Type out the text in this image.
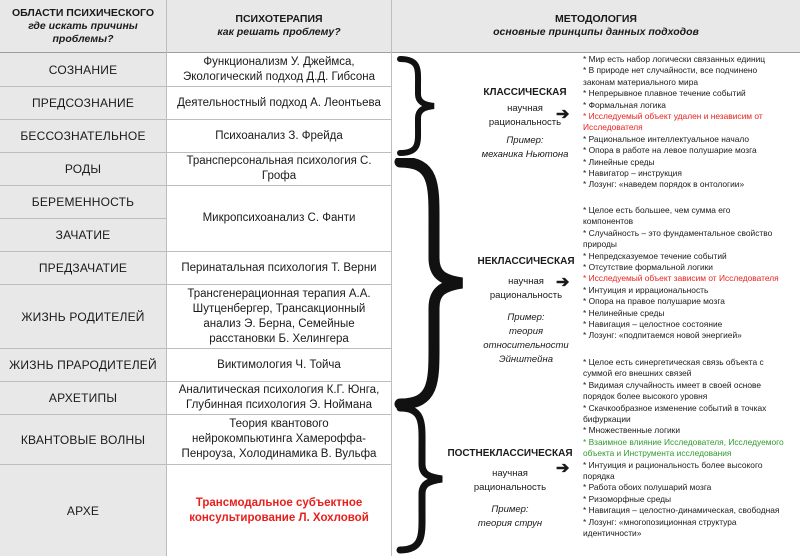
ОБЛАСТИ ПСИХИЧЕСКОГО
где искать причины
проблемы?
ПСИХОТЕРАПИЯ
как решать проблему?
МЕТОДОЛОГИЯ
основные принципы данных подходов
СОЗНАНИЕ
ПРЕДСОЗНАНИЕ
БЕССОЗНАТЕЛЬНОЕ
РОДЫ
БЕРЕМЕННОСТЬ
ЗАЧАТИЕ
ПРЕДЗАЧАТИЕ
ЖИЗНЬ РОДИТЕЛЕЙ
ЖИЗНЬ ПРАРОДИТЕЛЕЙ
АРХЕТИПЫ
КВАНТОВЫЕ ВОЛНЫ
АРХЕ
Функционализм У. Джеймса,
Экологический подход Д.Д. Гибсона
Деятельностный подход А. Леонтьева
Психоанализ З. Фрейда
Трансперсональная психология С.
Грофа
Микропсихоанализ С. Фанти
Перинатальная психология Т. Верни
Трансгенерационная терапия А.А.
Шутценбергер, Трансакционный
анализ Э. Берна, Семейные
расстановки Б. Хелингера
Виктимология Ч. Тойча
Аналитическая психология К.Г. Юнга,
Глубинная психология Э. Ноймана
Теория квантового
нейрокомпьютинга Хамероффа-
Пенроуза, Холодинамика В. Вульфа
Трансмодальное субъектное
консультирование Л. Хохловой
КЛАССИЧЕСКАЯ
научная
рациональность
Пример:
механика Ньютона
НЕКЛАССИЧЕСКАЯ
научная
рациональность
Пример:
теория
относительности
Эйнштейна
ПОСТНЕКЛАССИЧЕСКАЯ
научная
рациональность
Пример:
теория струн
➔
➔
➔
* Мир есть набор логически связанных единиц
* В природе нет случайности, все подчинено
законам материального мира
* Непрерывное плавное течение событий
* Формальная логика
* Исследуемый объект удален и независим от
Исследователя
* Рациональное интеллектуальное начало
* Опора в работе на левое полушарие мозга
* Линейные среды
* Навигатор – инструкция
* Лозунг: «наведем порядок в онтологии»
* Целое есть большее, чем сумма его
компонентов
* Случайность – это фундаментальное свойство
природы
* Непредсказуемое течение событий
* Отсутствие формальной логики
* Исследуемый объект зависим от Исследователя
* Интуиция и иррациональность
* Опора на правое полушарие мозга
* Нелинейные среды
* Навигация – целостное состояние
* Лозунг: «подпитаемся новой энергией»
* Целое есть синергетическая связь объекта с
суммой его внешних связей
* Видимая случайность имеет в своей основе
порядок более высокого уровня
* Скачкообразное изменение событий в точках
бифуркации
* Множественные логики
* Взаимное влияние Исследователя, Исследуемого
объекта и Инструмента исследования
* Интуиция и рациональность более высокого
порядка
* Работа обоих полушарий мозга
* Ризоморфные среды
* Навигация – целостно-динамическая, свободная
* Лозунг: «многопозиционная структура
идентичности»
